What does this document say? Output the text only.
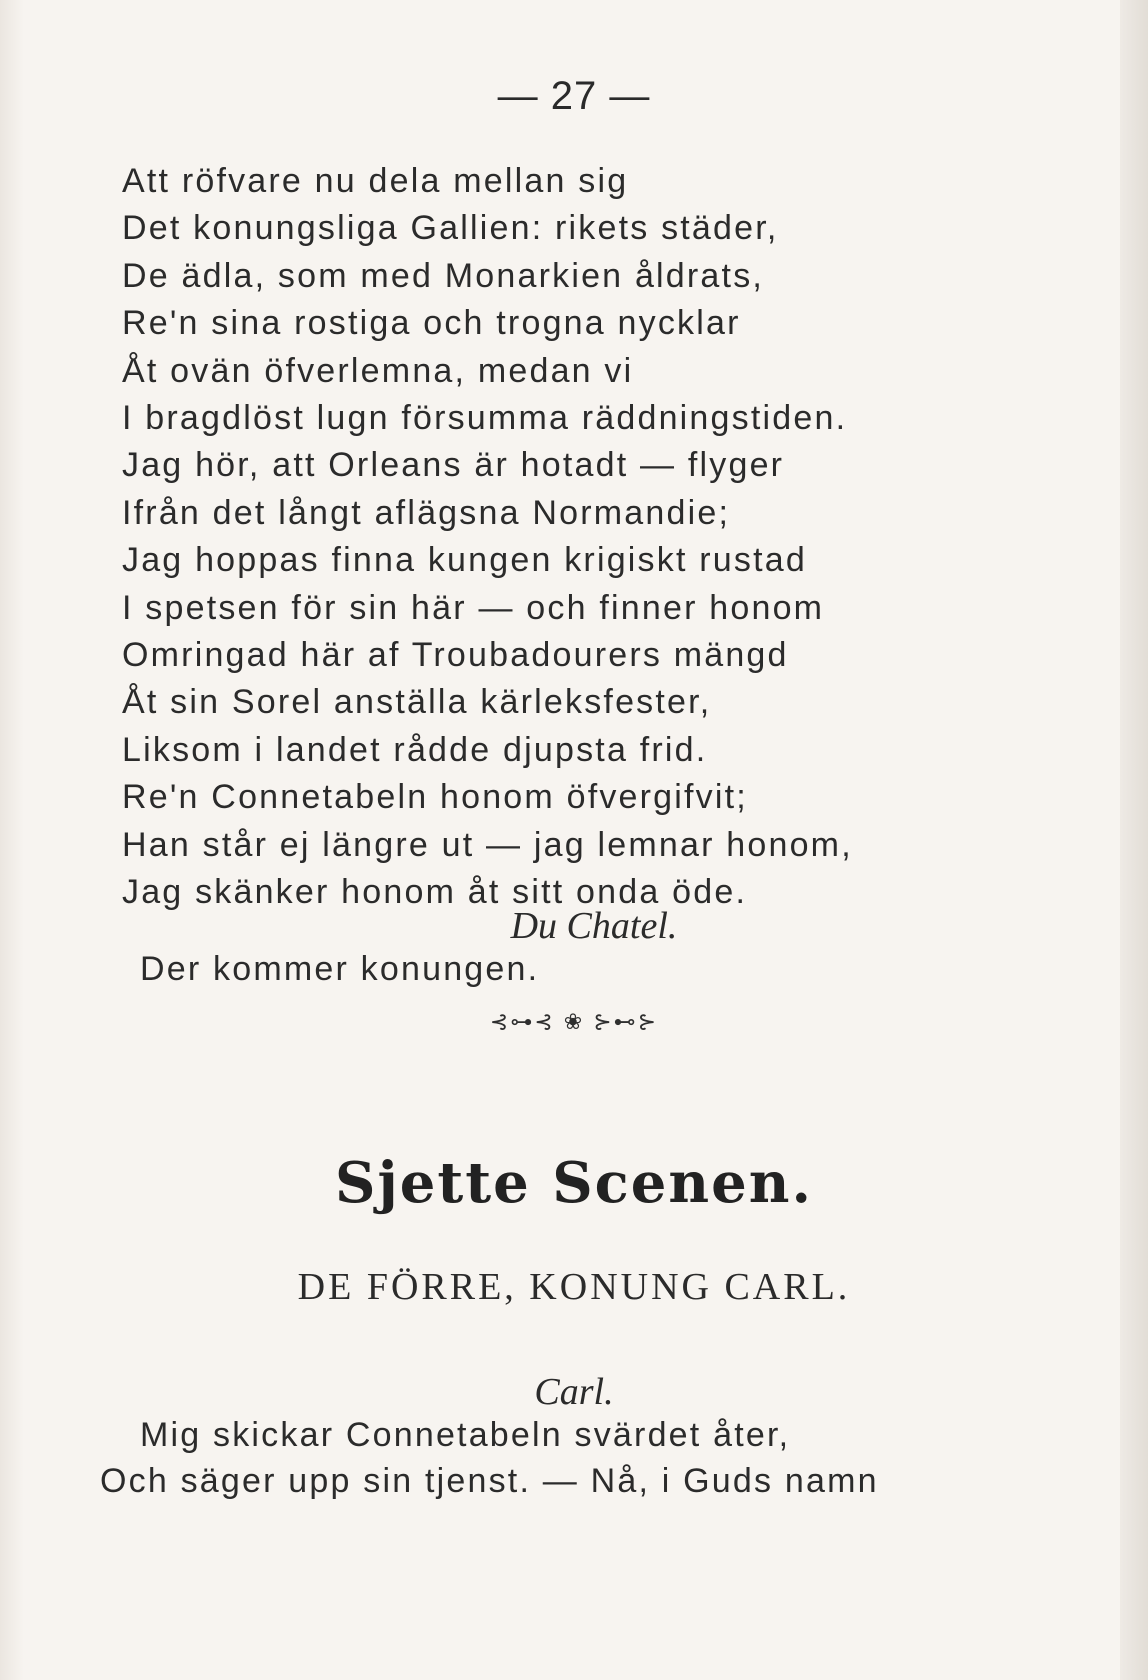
— 27 —
Att röfvare nu dela mellan sig
Det konungsliga Gallien: rikets städer,
De ädla, som med Monarkien åldrats,
Re'n sina rostiga och trogna nycklar
Åt ovän öfverlemna, medan vi
I bragdlöst lugn försumma räddningstiden.
Jag hör, att Orleans är hotadt — flyger
Ifrån det långt aflägsna Normandie;
Jag hoppas finna kungen krigiskt rustad
I spetsen för sin här — och finner honom
Omringad här af Troubadourers mängd
Åt sin Sorel anställa kärleksfester,
Liksom i landet rådde djupsta frid.
Re'n Connetabeln honom öfvergifvit;
Han står ej längre ut — jag lemnar honom,
Jag skänker honom åt sitt onda öde.
Du Chatel.
Der kommer konungen.
⊰⊶⊰ ❀ ⊱⊷⊱
Sjette Scenen.
DE FÖRRE, KONUNG CARL.
Carl.
Mig skickar Connetabeln svärdet åter,
Och säger upp sin tjenst. — Nå, i Guds namn
